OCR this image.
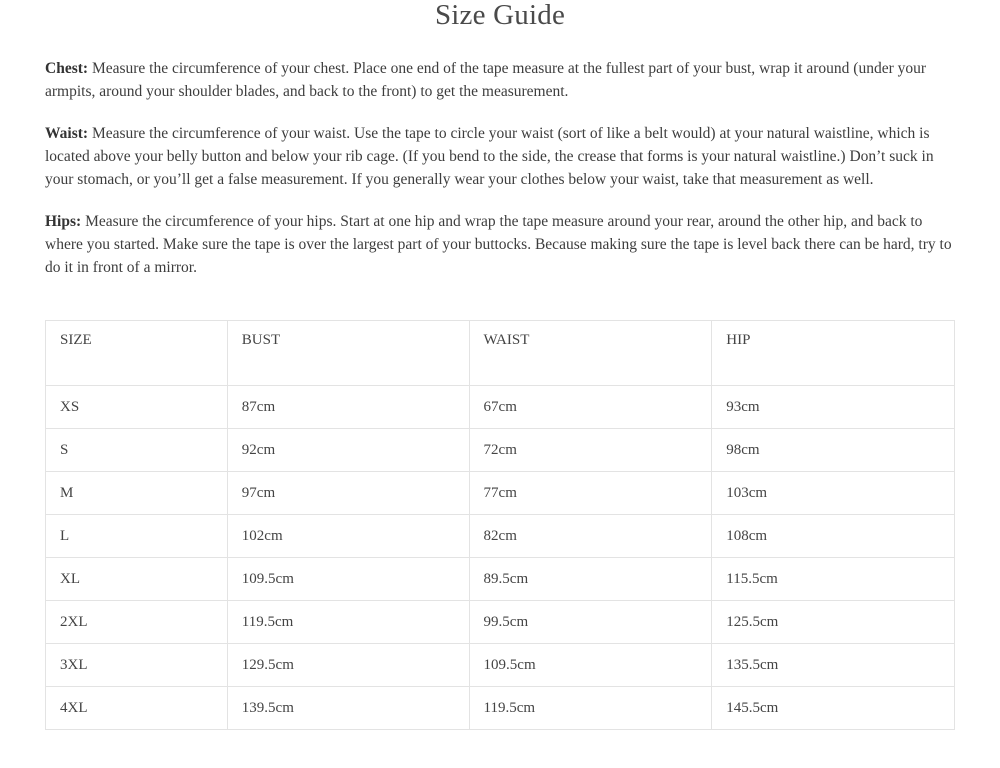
Size Guide

Chest: Measure the circumference of your chest. Place one end of the tape measure at the fullest part of your bust, wrap it around (under your armpits, around your shoulder blades, and back to the front) to get the measurement.

Waist: Measure the circumference of your waist. Use the tape to circle your waist (sort of like a belt would) at your natural waistline, which is located above your belly button and below your rib cage. (If you bend to the side, the crease that forms is your natural waistline.) Don’t suck in your stomach, or you’ll get a false measurement. If you generally wear your clothes below your waist, take that measurement as well.

Hips: Measure the circumference of your hips. Start at one hip and wrap the tape measure around your rear, around the other hip, and back to where you started. Make sure the tape is over the largest part of your buttocks. Because making sure the tape is level back there can be hard, try to do it in front of a mirror.

SIZE	BUST	WAIST	HIP
XS	87cm	67cm	93cm
S	92cm	72cm	98cm
M	97cm	77cm	103cm
L	102cm	82cm	108cm
XL	109.5cm	89.5cm	115.5cm
2XL	119.5cm	99.5cm	125.5cm
3XL	129.5cm	109.5cm	135.5cm
4XL	139.5cm	119.5cm	145.5cm
